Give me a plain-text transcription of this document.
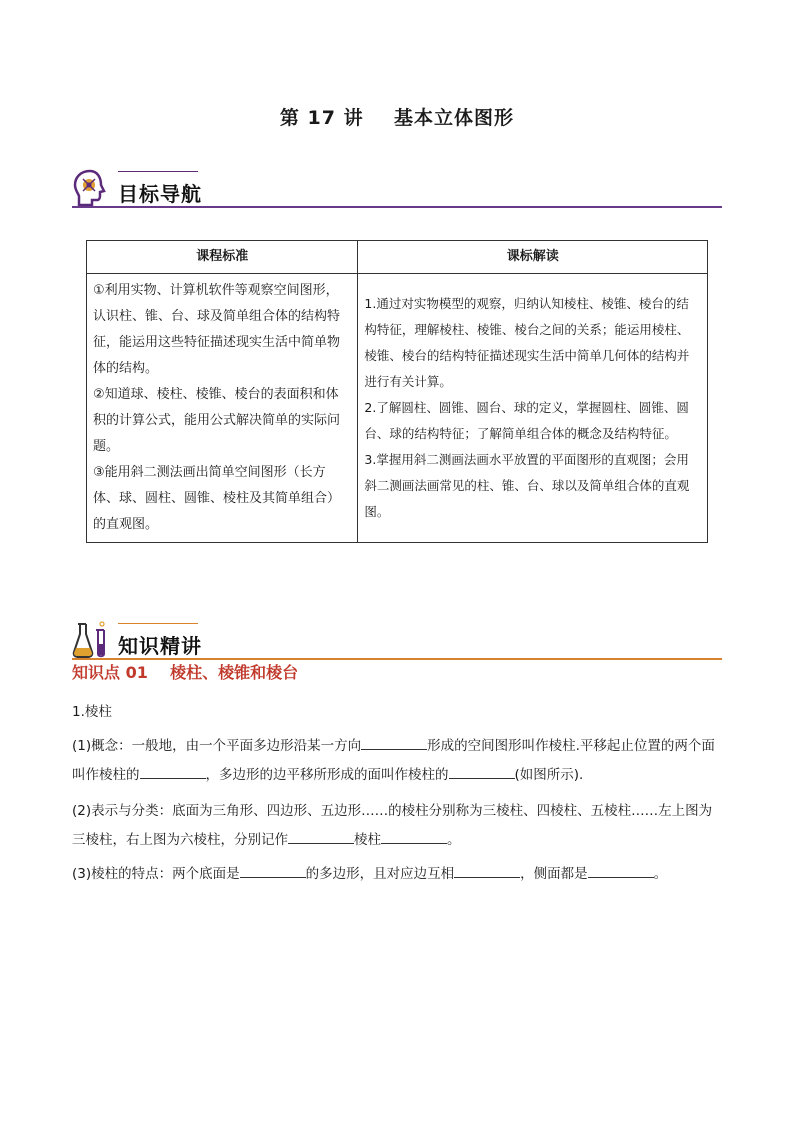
第 17 讲    基本立体图形
目标导航
课程标准	课标解读

①利用实物、计算机软件等观察空间图形，认识柱、锥、台、球及简单组合体的结构特征，能运用这些特征描述现实生活中简单物体的结构。
②知道球、棱柱、棱锥、棱台的表面积和体积的计算公式，能用公式解决简单的实际问题。
③能用斜二测法画出简单空间图形（长方体、球、圆柱、圆锥、棱柱及其简单组合）的直观图。	1.通过对实物模型的观察，归纳认知棱柱、棱锥、棱台的结构特征，理解棱柱、棱锥、棱台之间的关系；能运用棱柱、棱锥、棱台的结构特征描述现实生活中简单几何体的结构并进行有关计算。
2.了解圆柱、圆锥、圆台、球的定义，掌握圆柱、圆锥、圆台、球的结构特征；了解简单组合体的概念及结构特征。
3.掌握用斜二测画法画水平放置的平面图形的直观图；会用斜二测画法画常见的柱、锥、台、球以及简单组合体的直观图。
知识精讲
知识点 01    棱柱、棱锥和棱台
1.棱柱
(1)概念：一般地，由一个平面多边形沿某一方向	形成的空间图形叫作棱柱.平移起止位置的两个面叫作棱柱的	，多边形的边平移所形成的面叫作棱柱的	(如图所示).
(2)表示与分类：底面为三角形、四边形、五边形……的棱柱分别称为三棱柱、四棱柱、五棱柱……左上图为三棱柱，右上图为六棱柱，分别记作	棱柱	。
(3)棱柱的特点：两个底面是	的多边形，且对应边互相	，侧面都是	。
